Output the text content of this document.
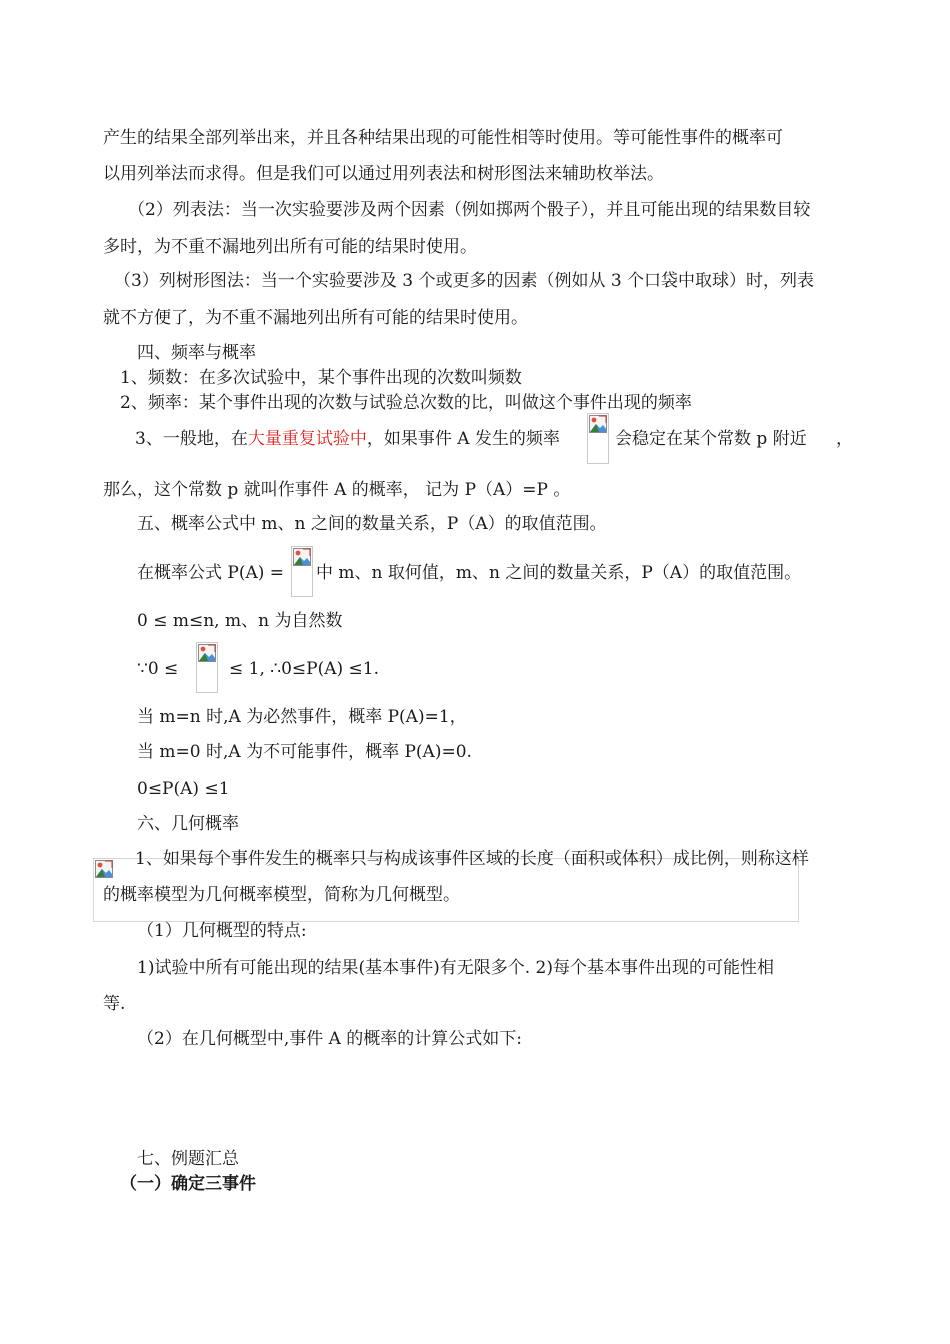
产生的结果全部列举出来，并且各种结果出现的可能性相等时使用。等可能性事件的概率可
以用列举法而求得。但是我们可以通过用列表法和树形图法来辅助枚举法。
（2）列表法：当一次实验要涉及两个因素（例如掷两个骰子），并且可能出现的结果数目较
多时，为不重不漏地列出所有可能的结果时使用。
（3）列树形图法：当一个实验要涉及 3 个或更多的因素（例如从 3 个口袋中取球）时，列表
就不方便了，为不重不漏地列出所有可能的结果时使用。
四、频率与概率
1、频数：在多次试验中，某个事件出现的次数叫频数
2、频率：某个事件出现的次数与试验总次数的比，叫做这个事件出现的频率
3、一般地，在大量重复试验中，如果事件 A 发生的频率	会稳定在某个常数 p 附近 ，
那么，这个常数 p 就叫作事件 A 的概率， 记为 P（A）=P 。
五、概率公式中 m、n 之间的数量关系，P（A）的取值范围。
在概率公式 P(A) = 中 m、n 取何值，m、n 之间的数量关系，P（A）的取值范围。
0 ≤ m≤n, m、n 为自然数
∵0 ≤	≤ 1, ∴0≤P(A) ≤1.
当 m=n 时,A 为必然事件，概率 P(A)=1，
当 m=0 时,A 为不可能事件，概率 P(A)=0.
0≤P(A) ≤1
六、几何概率
1、如果每个事件发生的概率只与构成该事件区域的长度（面积或体积）成比例，则称这样
的概率模型为几何概率模型，简称为几何概型。
（1）几何概型的特点:
1)试验中所有可能出现的结果(基本事件)有无限多个. 2)每个基本事件出现的可能性相
等.
（2）在几何概型中,事件 A 的概率的计算公式如下:
七、例题汇总
（一）确定三事件
